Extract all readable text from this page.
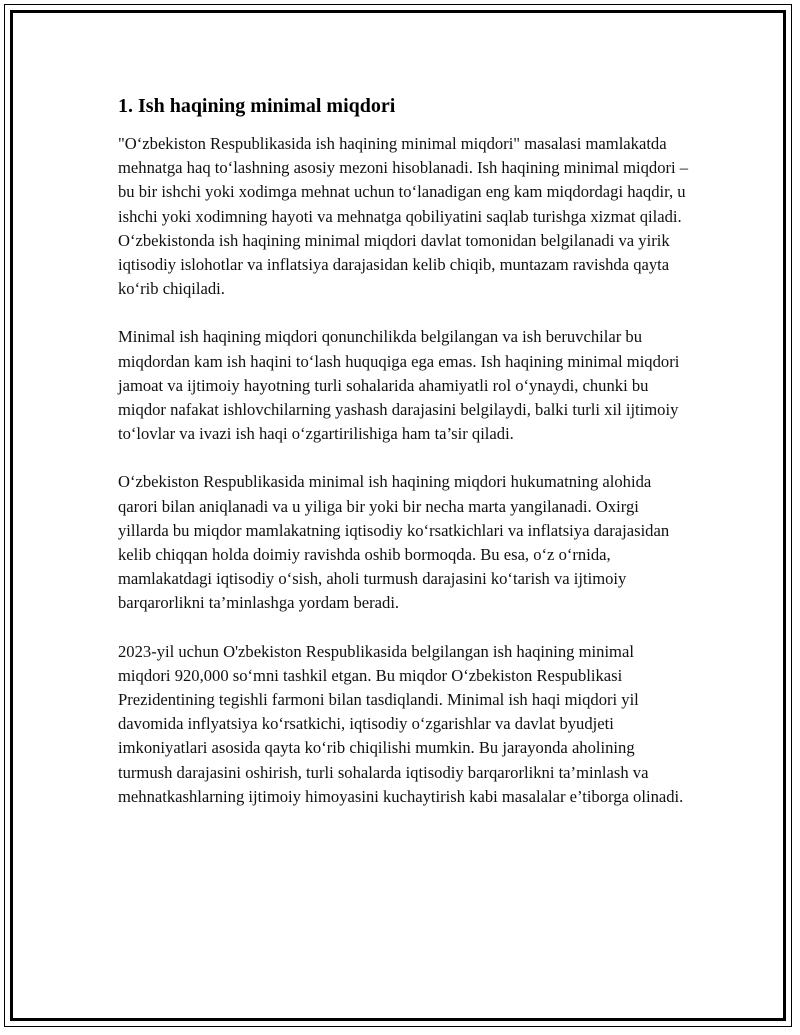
1. Ish haqining minimal miqdori

"O‘zbekiston Respublikasida ish haqining minimal miqdori" masalasi mamlakatda mehnatga haq to‘lashning asosiy mezoni hisoblanadi. Ish haqining minimal miqdori – bu bir ishchi yoki xodimga mehnat uchun to‘lanadigan eng kam miqdordagi haqdir, u ishchi yoki xodimning hayoti va mehnatga qobiliyatini saqlab turishga xizmat qiladi. O‘zbekistonda ish haqining minimal miqdori davlat tomonidan belgilanadi va yirik iqtisodiy islohotlar va inflatsiya darajasidan kelib chiqib, muntazam ravishda qayta ko‘rib chiqiladi.

Minimal ish haqining miqdori qonunchilikda belgilangan va ish beruvchilar bu miqdordan kam ish haqini to‘lash huquqiga ega emas. Ish haqining minimal miqdori jamoat va ijtimoiy hayotning turli sohalarida ahamiyatli rol o‘ynaydi, chunki bu miqdor nafakat ishlovchilarning yashash darajasini belgilaydi, balki turli xil ijtimoiy to‘lovlar va ivazi ish haqi o‘zgartirilishiga ham ta’sir qiladi.

O‘zbekiston Respublikasida minimal ish haqining miqdori hukumatning alohida qarori bilan aniqlanadi va u yiliga bir yoki bir necha marta yangilanadi. Oxirgi yillarda bu miqdor mamlakatning iqtisodiy ko‘rsatkichlari va inflatsiya darajasidan kelib chiqqan holda doimiy ravishda oshib bormoqda. Bu esa, o‘z o‘rnida, mamlakatdagi iqtisodiy o‘sish, aholi turmush darajasini ko‘tarish va ijtimoiy barqarorlikni ta’minlashga yordam beradi.

2023-yil uchun O'zbekiston Respublikasida belgilangan ish haqining minimal miqdori 920,000 so‘mni tashkil etgan. Bu miqdor O‘zbekiston Respublikasi Prezidentining tegishli farmoni bilan tasdiqlandi. Minimal ish haqi miqdori yil davomida inflyatsiya ko‘rsatkichi, iqtisodiy o‘zgarishlar va davlat byudjeti imkoniyatlari asosida qayta ko‘rib chiqilishi mumkin. Bu jarayonda aholining turmush darajasini oshirish, turli sohalarda iqtisodiy barqarorlikni ta’minlash va mehnatkashlarning ijtimoiy himoyasini kuchaytirish kabi masalalar e’tiborga olinadi.
